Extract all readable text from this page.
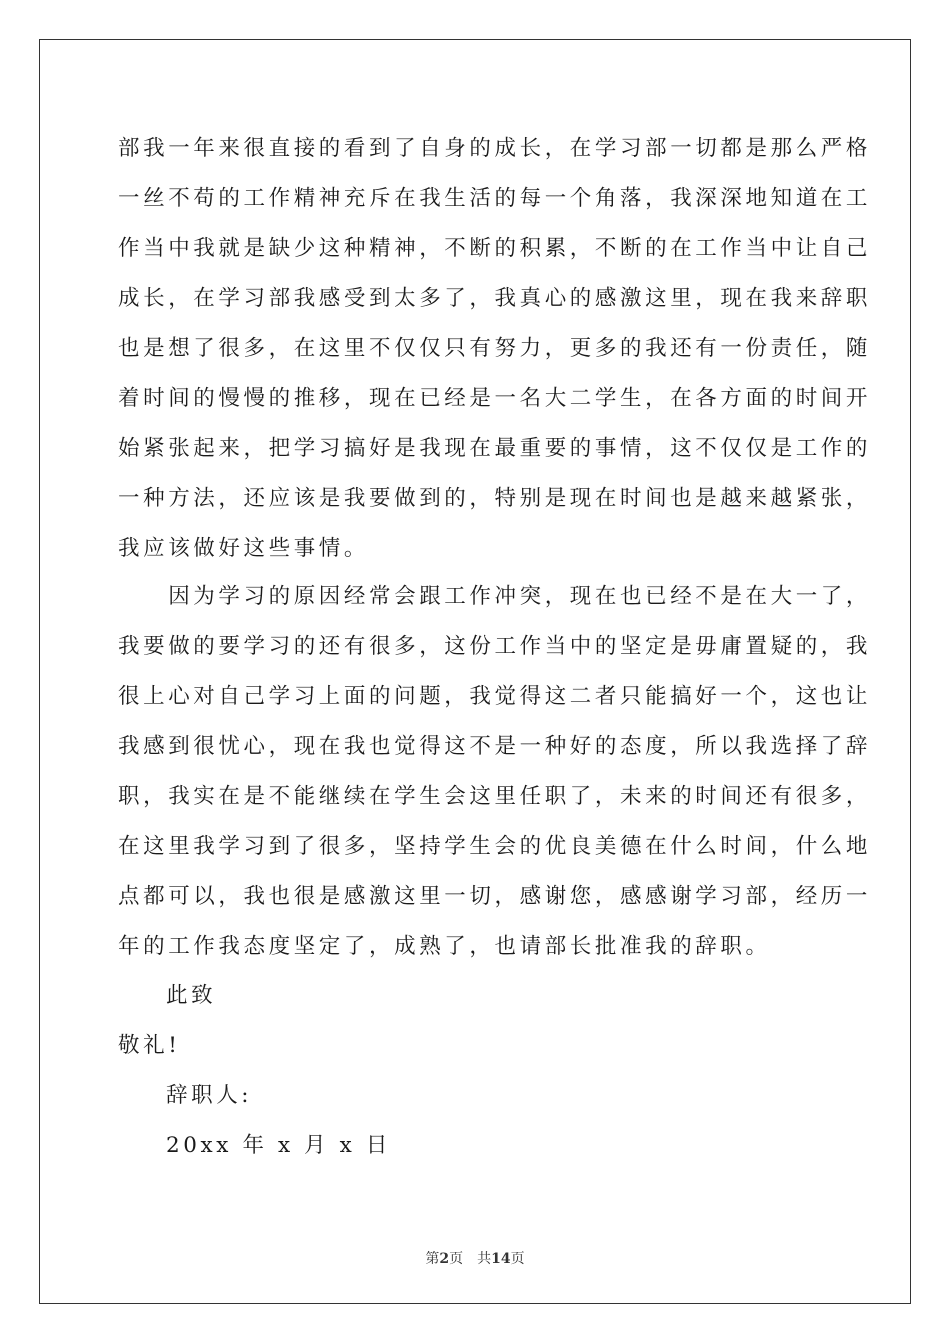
部我一年来很直接的看到了自身的成长，在学习部一切都是那么严格
一丝不苟的工作精神充斥在我生活的每一个角落，我深深地知道在工
作当中我就是缺少这种精神，不断的积累，不断的在工作当中让自己
成长，在学习部我感受到太多了，我真心的感激这里，现在我来辞职
也是想了很多，在这里不仅仅只有努力，更多的我还有一份责任，随
着时间的慢慢的推移，现在已经是一名大二学生，在各方面的时间开
始紧张起来，把学习搞好是我现在最重要的事情，这不仅仅是工作的
一种方法，还应该是我要做到的，特别是现在时间也是越来越紧张，
我应该做好这些事情。
　　因为学习的原因经常会跟工作冲突，现在也已经不是在大一了，
我要做的要学习的还有很多，这份工作当中的坚定是毋庸置疑的，我
很上心对自己学习上面的问题，我觉得这二者只能搞好一个，这也让
我感到很忧心，现在我也觉得这不是一种好的态度，所以我选择了辞
职，我实在是不能继续在学生会这里任职了，未来的时间还有很多，
在这里我学习到了很多，坚持学生会的优良美德在什么时间，什么地
点都可以，我也很是感激这里一切，感谢您，感感谢学习部，经历一
年的工作我态度坚定了，成熟了，也请部长批准我的辞职。
此致
敬礼!
辞职人:
20xx 年 x 月 x 日
第2页 共14页
